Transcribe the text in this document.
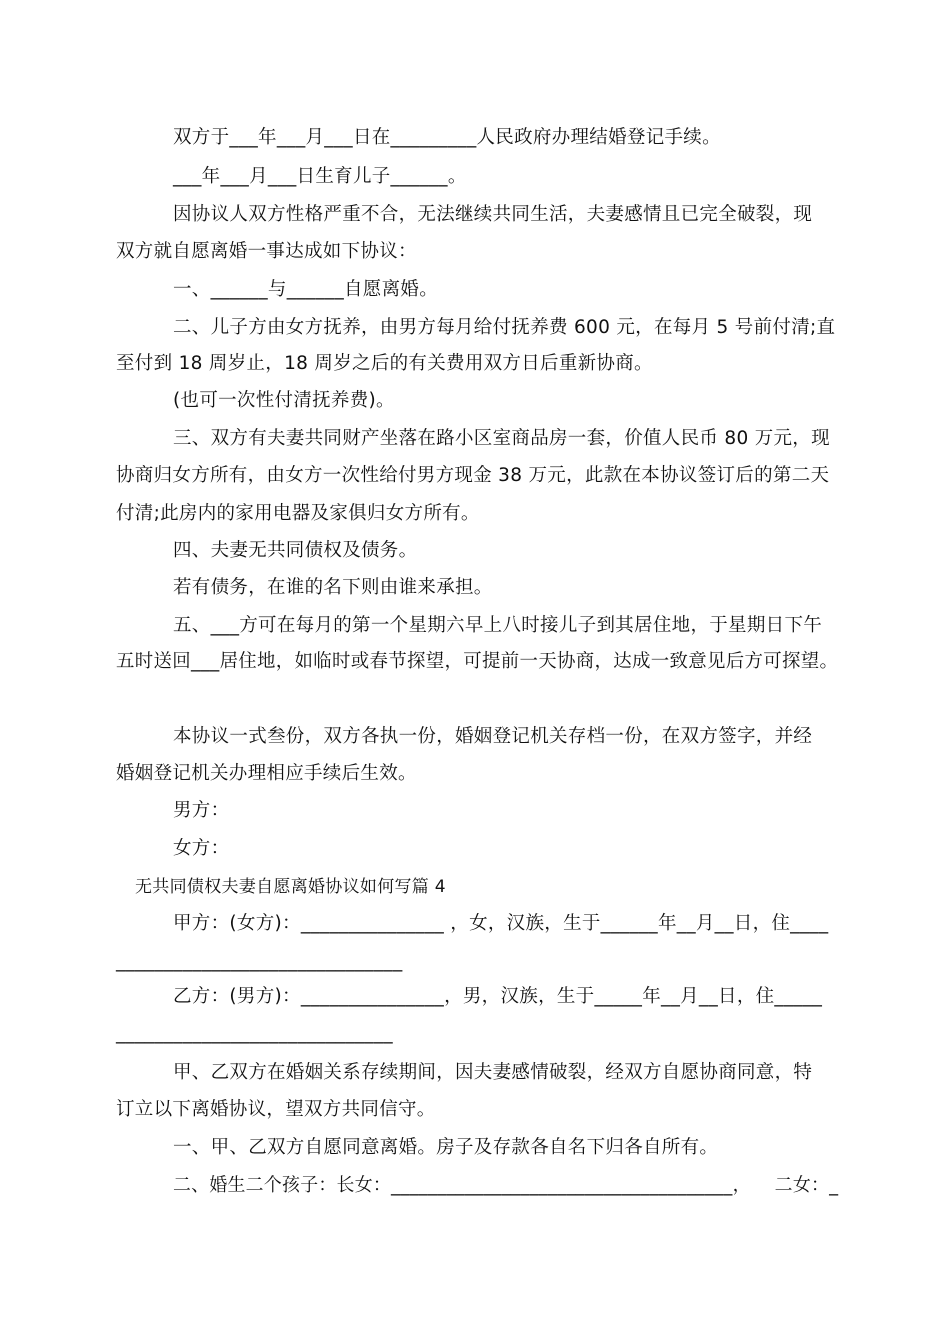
双方于___年___月___日在_________人民政府办理结婚登记手续。
___年___月___日生育儿子______。
因协议人双方性格严重不合，无法继续共同生活，夫妻感情且已完全破裂，现
双方就自愿离婚一事达成如下协议：
一、______与______自愿离婚。
二、儿子方由女方抚养，由男方每月给付抚养费 600 元，在每月 5 号前付清;直
至付到 18 周岁止，18 周岁之后的有关费用双方日后重新协商。
(也可一次性付清抚养费)。
三、双方有夫妻共同财产坐落在路小区室商品房一套，价值人民币 80 万元，现
协商归女方所有，由女方一次性给付男方现金 38 万元，此款在本协议签订后的第二天
付清;此房内的家用电器及家俱归女方所有。
四、夫妻无共同债权及债务。
若有债务，在谁的名下则由谁来承担。
五、___方可在每月的第一个星期六早上八时接儿子到其居住地，于星期日下午
五时送回___居住地，如临时或春节探望，可提前一天协商，达成一致意见后方可探望。
本协议一式叁份，双方各执一份，婚姻登记机关存档一份，在双方签字，并经
婚姻登记机关办理相应手续后生效。
男方：
女方：
无共同债权夫妻自愿离婚协议如何写篇 4
甲方：(女方)：_______________ ，女，汉族，生于______年__月__日，住____
______________________________
乙方：(男方)：_______________，男，汉族，生于_____年__月__日，住_____
_____________________________
甲、乙双方在婚姻关系存续期间，因夫妻感情破裂，经双方自愿协商同意，特
订立以下离婚协议，望双方共同信守。
一、甲、乙双方自愿同意离婚。房子及存款各自名下归各自所有。
二、婚生二个孩子：长女：_____________________________________，    二女：_
